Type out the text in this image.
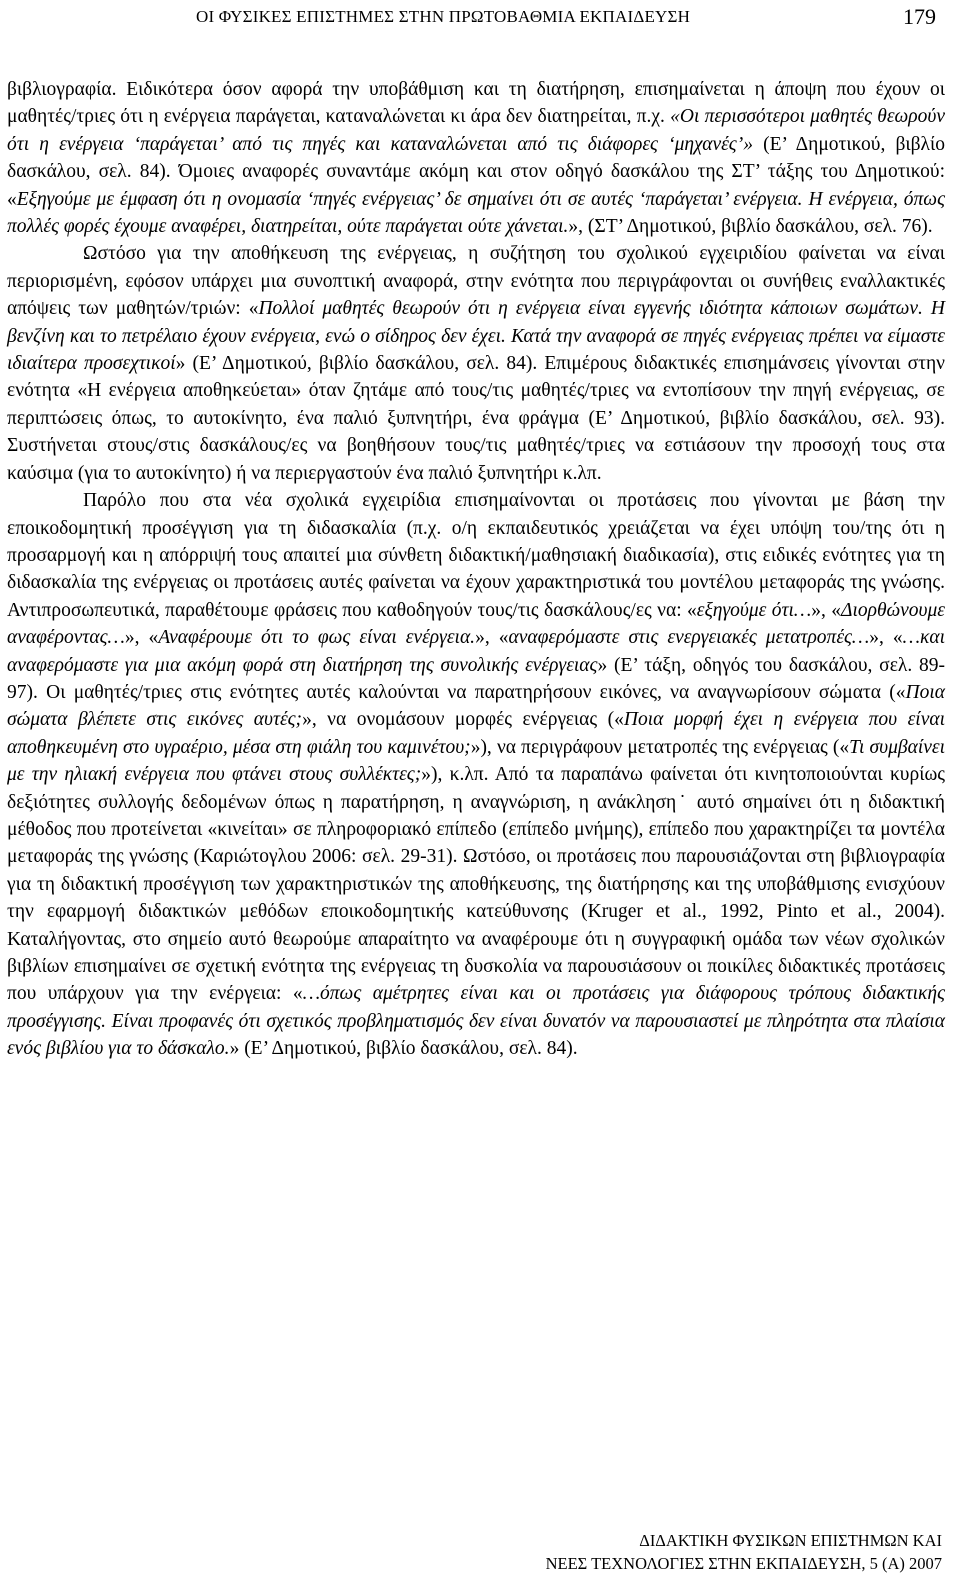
ΟΙ ΦΥΣΙΚΕΣ ΕΠΙΣΤΗΜΕΣ ΣΤΗΝ ΠΡΩΤΟΒΑΘΜΙΑ ΕΚΠΑΙΔΕΥΣΗ	179

βιβλιογραφία. Ειδικότερα όσον αφορά την υποβάθμιση και τη διατήρηση, επισημαίνεται η άποψη που έχουν οι μαθητές/τριες ότι η ενέργεια παράγεται, καταναλώνεται κι άρα δεν διατηρείται, π.χ. «Οι περισσότεροι μαθητές θεωρούν ότι η ενέργεια ‘παράγεται’ από τις πηγές και καταναλώνεται από τις διάφορες ‘μηχανές’» (Ε’ Δημοτικού, βιβλίο δασκάλου, σελ. 84). Όμοιες αναφορές συναντάμε ακόμη και στον οδηγό δασκάλου της ΣΤ’ τάξης του Δημοτικού: «Εξηγούμε με έμφαση ότι η ονομασία ‘πηγές ενέργειας’ δε σημαίνει ότι σε αυτές ‘παράγεται’ ενέργεια. Η ενέργεια, όπως πολλές φορές έχουμε αναφέρει, διατηρείται, ούτε παράγεται ούτε χάνεται.», (ΣΤ’ Δημοτικού, βιβλίο δασκάλου, σελ. 76).

Ωστόσο για την αποθήκευση της ενέργειας, η συζήτηση του σχολικού εγχειριδίου φαίνεται να είναι περιορισμένη, εφόσον υπάρχει μια συνοπτική αναφορά, στην ενότητα που περιγράφονται οι συνήθεις εναλλακτικές απόψεις των μαθητών/τριών: «Πολλοί μαθητές θεωρούν ότι η ενέργεια είναι εγγενής ιδιότητα κάποιων σωμάτων. Η βενζίνη και το πετρέλαιο έχουν ενέργεια, ενώ ο σίδηρος δεν έχει. Κατά την αναφορά σε πηγές ενέργειας πρέπει να είμαστε ιδιαίτερα προσεχτικοί» (Ε’ Δημοτικού, βιβλίο δασκάλου, σελ. 84). Επιμέρους διδακτικές επισημάνσεις γίνονται στην ενότητα «Η ενέργεια αποθηκεύεται» όταν ζητάμε από τους/τις μαθητές/τριες να εντοπίσουν την πηγή ενέργειας, σε περιπτώσεις όπως, το αυτοκίνητο, ένα παλιό ξυπνητήρι, ένα φράγμα (Ε’ Δημοτικού, βιβλίο δασκάλου, σελ. 93). Συστήνεται στους/στις δασκάλους/ες να βοηθήσουν τους/τις μαθητές/τριες να εστιάσουν την προσοχή τους στα καύσιμα (για το αυτοκίνητο) ή να περιεργαστούν ένα παλιό ξυπνητήρι κ.λπ.

Παρόλο που στα νέα σχολικά εγχειρίδια επισημαίνονται οι προτάσεις που γίνονται με βάση την εποικοδομητική προσέγγιση για τη διδασκαλία (π.χ. ο/η εκπαιδευτικός χρειάζεται να έχει υπόψη του/της ότι η προσαρμογή και η απόρριψή τους απαιτεί μια σύνθετη διδακτική/μαθησιακή διαδικασία), στις ειδικές ενότητες για τη διδασκαλία της ενέργειας οι προτάσεις αυτές φαίνεται να έχουν χαρακτηριστικά του μοντέλου μεταφοράς της γνώσης. Αντιπροσωπευτικά, παραθέτουμε φράσεις που καθοδηγούν τους/τις δασκάλους/ες να: «εξηγούμε ότι…», «Διορθώνουμε αναφέροντας…», «Αναφέρουμε ότι το φως είναι ενέργεια.», «αναφερόμαστε στις ενεργειακές μετατροπές…», «…και αναφερόμαστε για μια ακόμη φορά στη διατήρηση της συνολικής ενέργειας» (Ε’ τάξη, οδηγός του δασκάλου, σελ. 89-97). Οι μαθητές/τριες στις ενότητες αυτές καλούνται να παρατηρήσουν εικόνες, να αναγνωρίσουν σώματα («Ποια σώματα βλέπετε στις εικόνες αυτές;», να ονομάσουν μορφές ενέργειας («Ποια μορφή έχει η ενέργεια που είναι αποθηκευμένη στο υγραέριο, μέσα στη φιάλη του καμινέτου;»), να περιγράφουν μετατροπές της ενέργειας («Τι συμβαίνει με την ηλιακή ενέργεια που φτάνει στους συλλέκτες;»), κ.λπ. Από τα παραπάνω φαίνεται ότι κινητοποιούνται κυρίως δεξιότητες συλλογής δεδομένων όπως η παρατήρηση, η αναγνώριση, η ανάκληση˙ αυτό σημαίνει ότι η διδακτική μέθοδος που προτείνεται «κινείται» σε πληροφοριακό επίπεδο (επίπεδο μνήμης), επίπεδο που χαρακτηρίζει τα μοντέλα μεταφοράς της γνώσης (Καριώτογλου 2006: σελ. 29-31). Ωστόσο, οι προτάσεις που παρουσιάζονται στη βιβλιογραφία για τη διδακτική προσέγγιση των χαρακτηριστικών της αποθήκευσης, της διατήρησης και της υποβάθμισης ενισχύουν την εφαρμογή διδακτικών μεθόδων εποικοδομητικής κατεύθυνσης (Kruger et al., 1992, Pinto et al., 2004). Καταλήγοντας, στο σημείο αυτό θεωρούμε απαραίτητο να αναφέρουμε ότι η συγγραφική ομάδα των νέων σχολικών βιβλίων επισημαίνει σε σχετική ενότητα της ενέργειας τη δυσκολία να παρουσιάσουν οι ποικίλες διδακτικές προτάσεις που υπάρχουν για την ενέργεια: «…όπως αμέτρητες είναι και οι προτάσεις για διάφορους τρόπους διδακτικής προσέγγισης. Είναι προφανές ότι σχετικός προβληματισμός δεν είναι δυνατόν να παρουσιαστεί με πληρότητα στα πλαίσια ενός βιβλίου για το δάσκαλο.» (Ε’ Δημοτικού, βιβλίο δασκάλου, σελ. 84).

ΔΙΔΑΚΤΙΚΗ ΦΥΣΙΚΩΝ ΕΠΙΣΤΗΜΩΝ ΚΑΙ
ΝΕΕΣ ΤΕΧΝΟΛΟΓΙΕΣ ΣΤΗΝ ΕΚΠΑΙΔΕΥΣΗ, 5 (Α) 2007
